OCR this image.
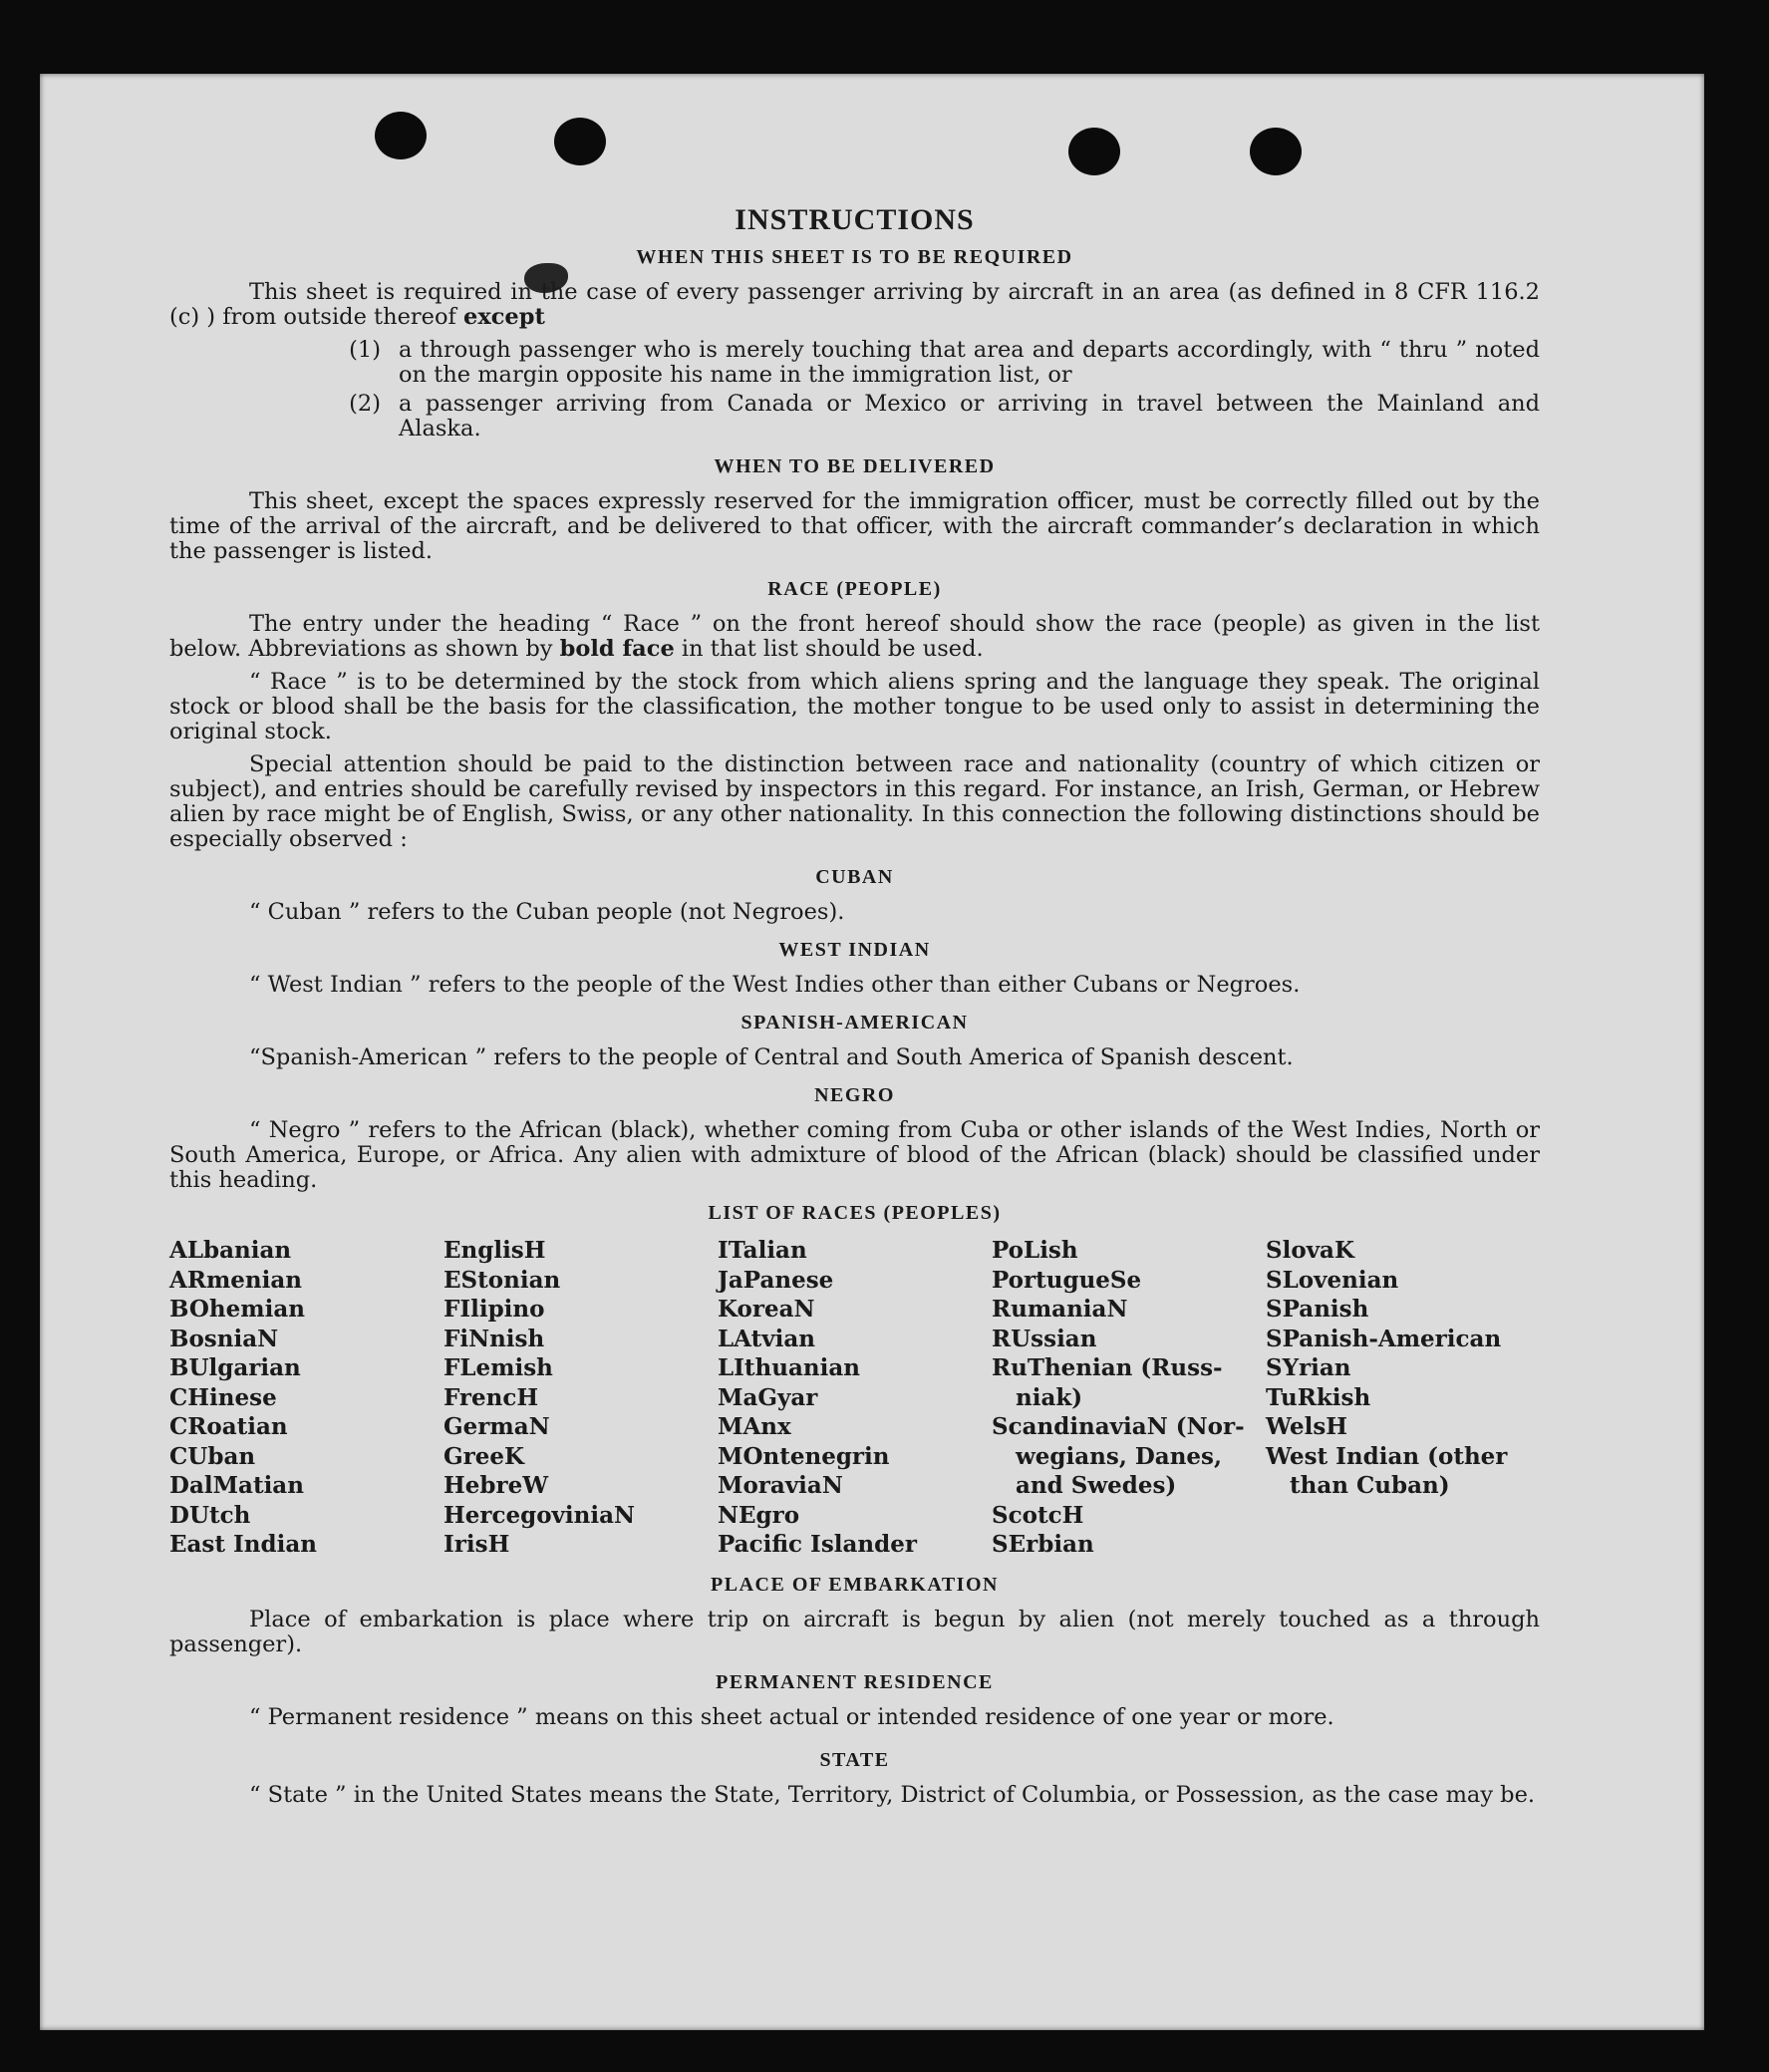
INSTRUCTIONS
WHEN THIS SHEET IS TO BE REQUIRED

This sheet is required in the case of every passenger arriving by aircraft in an area (as defined in 8 CFR 116.2 (c) ) from outside thereof except

(1) a through passenger who is merely touching that area and departs accordingly, with “ thru ” noted on the margin opposite his name in the immigration list, or
(2) a passenger arriving from Canada or Mexico or arriving in travel between the Mainland and Alaska.
WHEN TO BE DELIVERED

This sheet, except the spaces expressly reserved for the immigration officer, must be correctly filled out by the time of the arrival of the aircraft, and be delivered to that officer, with the aircraft commander’s declaration in which the passenger is listed.

RACE (PEOPLE)

The entry under the heading “ Race ” on the front hereof should show the race (people) as given in the list below. Abbreviations as shown by bold face in that list should be used.

“ Race ” is to be determined by the stock from which aliens spring and the language they speak. The original stock or blood shall be the basis for the classification, the mother tongue to be used only to assist in determining the original stock.

Special attention should be paid to the distinction between race and nationality (country of which citizen or subject), and entries should be carefully revised by inspectors in this regard. For instance, an Irish, German, or Hebrew alien by race might be of English, Swiss, or any other nationality. In this connection the following distinctions should be especially observed :

CUBAN

“ Cuban ” refers to the Cuban people (not Negroes).

WEST INDIAN

“ West Indian ” refers to the people of the West Indies other than either Cubans or Negroes.

SPANISH-AMERICAN

“Spanish-American ” refers to the people of Central and South America of Spanish descent.

NEGRO

“ Negro ” refers to the African (black), whether coming from Cuba or other islands of the West Indies, North or South America, Europe, or Africa. Any alien with admixture of blood of the African (black) should be classified under this heading.

LIST OF RACES (PEOPLES)
ALbanian
ARmenian
BOhemian
BosniaN
BUlgarian
CHinese
CRoatian
CUban
DalMatian
DUtch
East Indian
EnglisH
EStonian
FIlipino
FiNnish
FLemish
FrencH
GermaN
GreeK
HebreW
HercegoviniaN
IrisH
ITalian
JaPanese
KoreaN
LAtvian
LIthuanian
MaGyar
MAnx
MOntenegrin
MoraviaN
NEgro
Pacific Islander
PoLish
PortugueSe
RumaniaN
RUssian
RuThenian (Russ-
niak)
ScandinaviaN (Nor-
wegians, Danes,
and Swedes)
ScotcH
SErbian
SlovaK
SLovenian
SPanish
SPanish-American
SYrian
TuRkish
WelsH
West Indian (other
than Cuban)
PLACE OF EMBARKATION

Place of embarkation is place where trip on aircraft is begun by alien (not merely touched as a through passenger).

PERMANENT RESIDENCE

“ Permanent residence ” means on this sheet actual or intended residence of one year or more.

STATE

“ State ” in the United States means the State, Territory, District of Columbia, or Possession, as the case may be.
